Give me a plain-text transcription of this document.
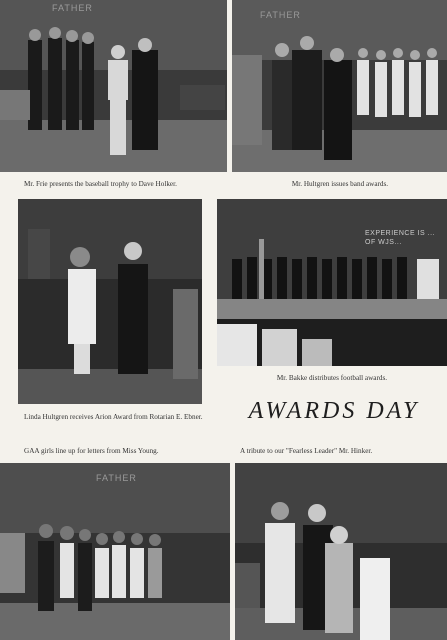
FATHER
FATHER
Mr. Frie presents the baseball trophy to Dave Holker.	Mr. Hultgren issues band awards.
EXPERIENCE IS ... OF WJS...
Mr. Bakke distributes football awards.
AWARDS DAY
Linda Hultgren receives Arion Award from Rotarian E. Ebner.
GAA girls line up for letters from Miss Young.	A tribute to our "Fearless Leader" Mr. Hinker.
FATHER
